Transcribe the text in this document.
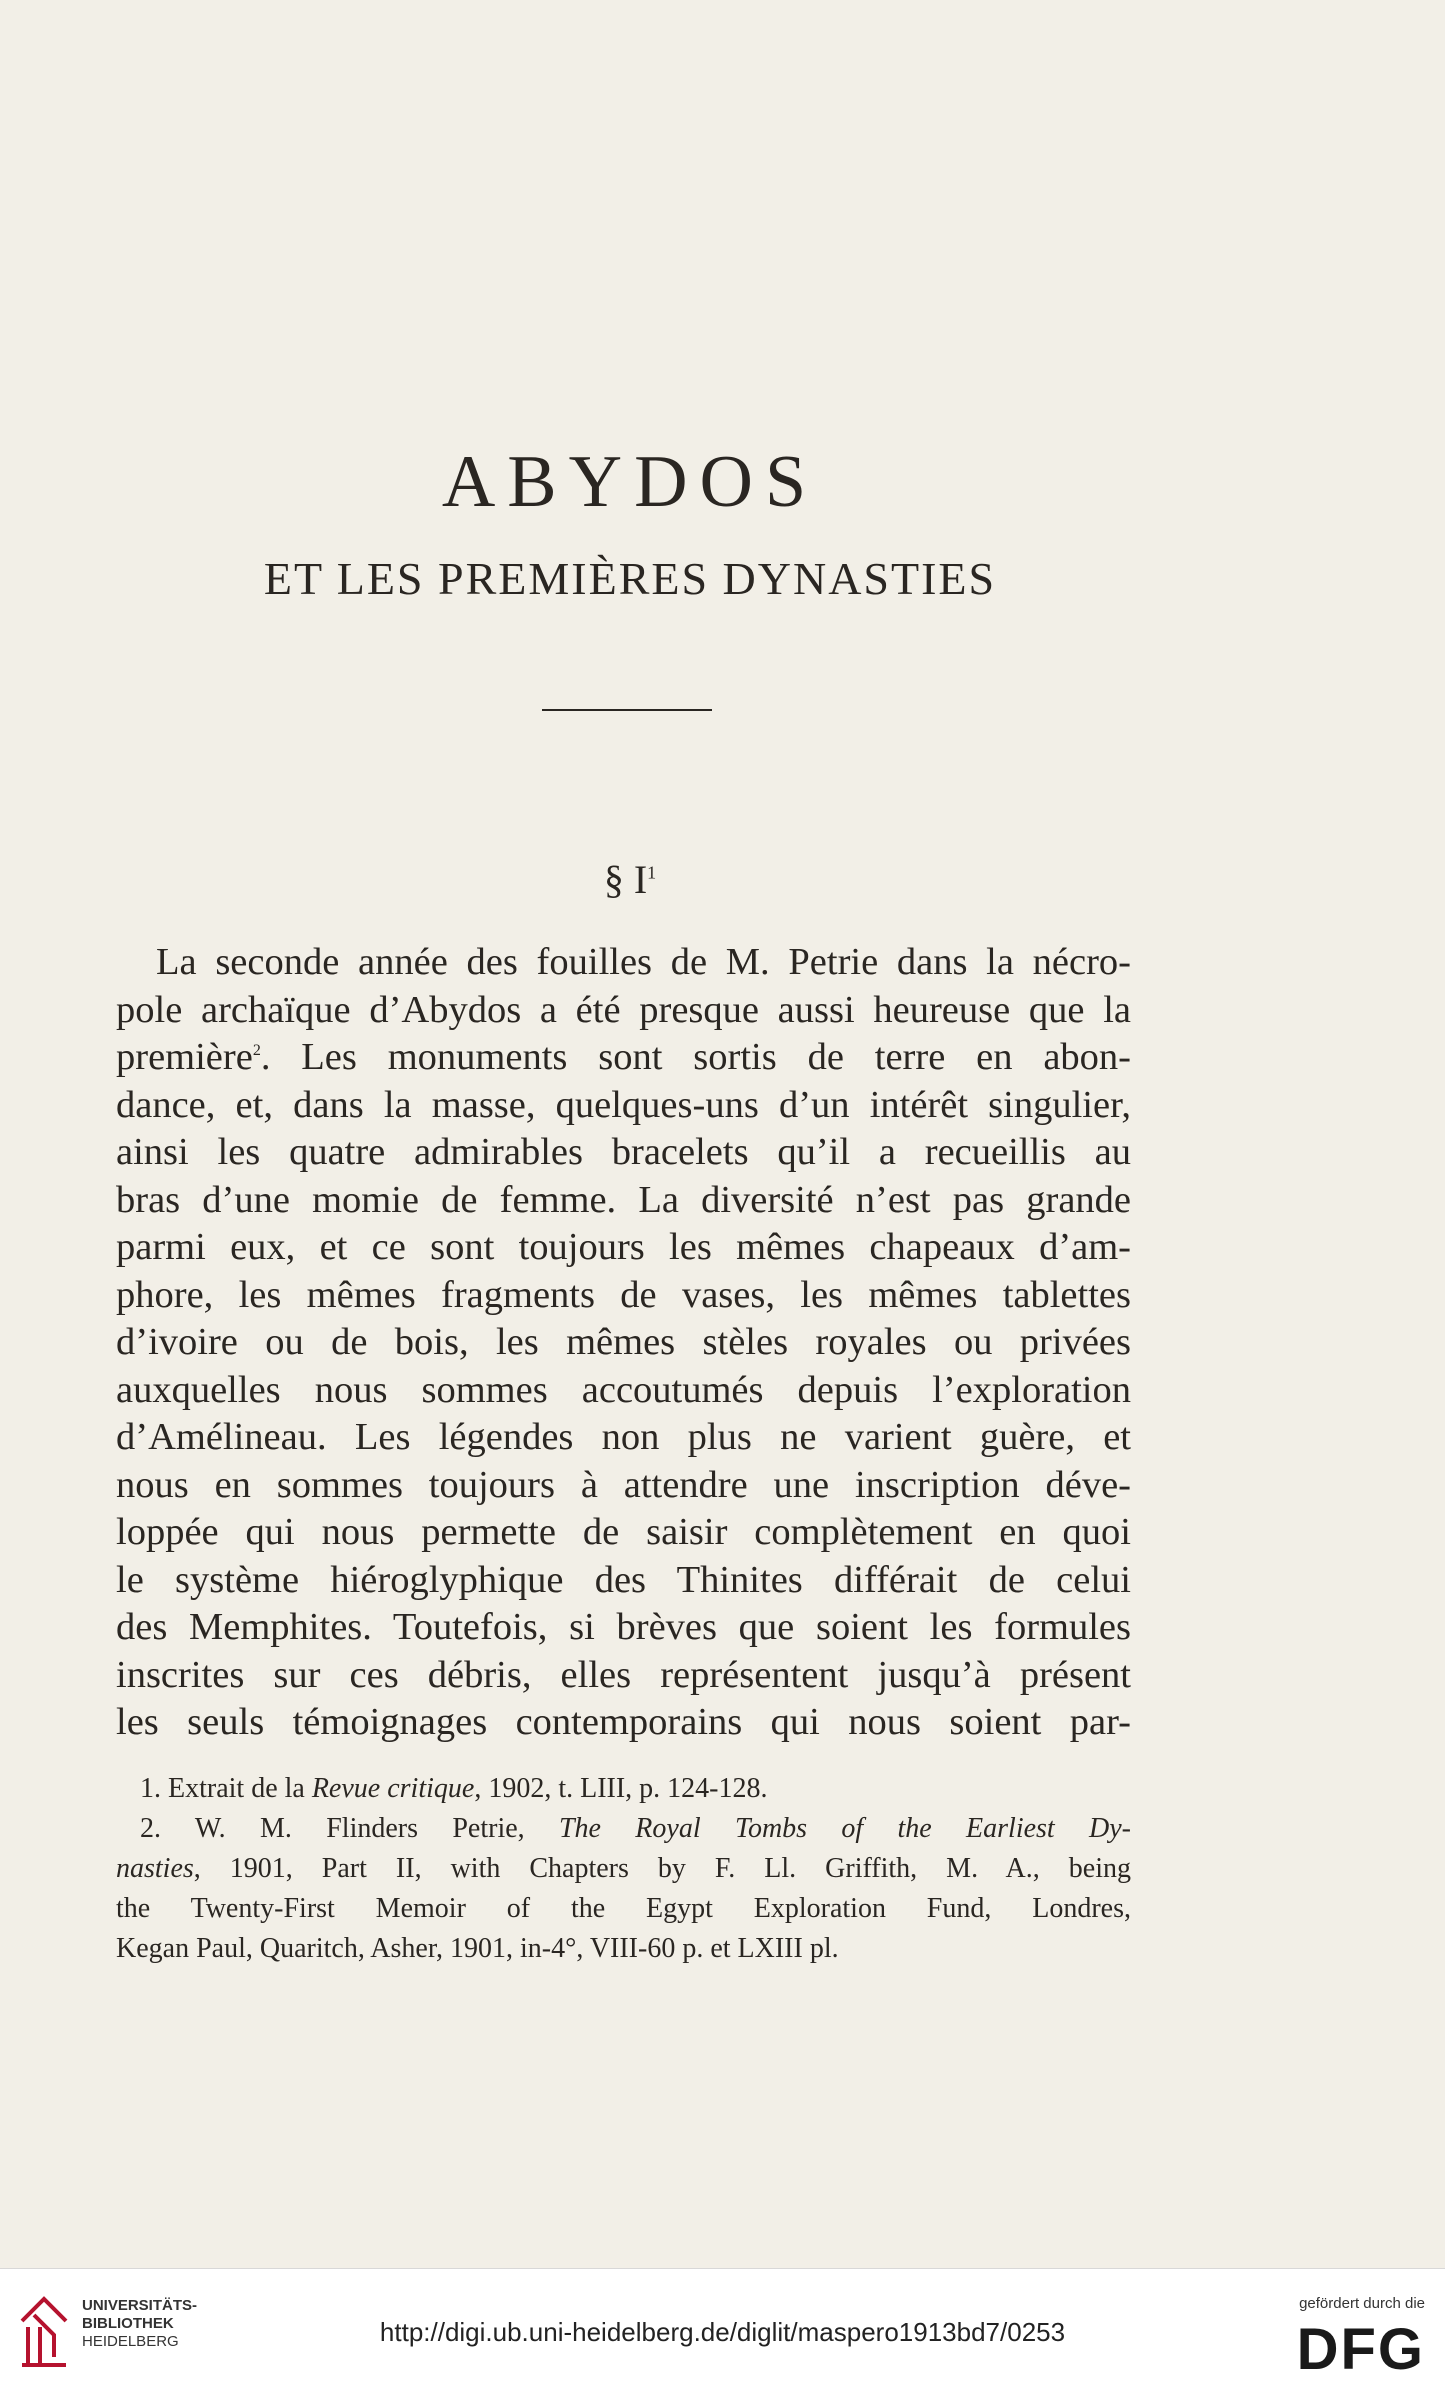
ABYDOS
ET LES PREMIÈRES DYNASTIES
§ $I^1$
La seconde année des fouilles de M. Petrie dans la nécro-
pole archaïque d’Abydos a été presque aussi heureuse que la
première$^2$. Les monuments sont sortis de terre en abon-
dance, et, dans la masse, quelques-uns d’un intérêt singulier,
ainsi les quatre admirables bracelets qu’il a recueillis au
bras d’une momie de femme. La diversité n’est pas grande
parmi eux, et ce sont toujours les mêmes chapeaux d’am-
phore, les mêmes fragments de vases, les mêmes tablettes
d’ivoire ou de bois, les mêmes stèles royales ou privées
auxquelles nous sommes accoutumés depuis l’exploration
d’Amélineau. Les légendes non plus ne varient guère, et
nous en sommes toujours à attendre une inscription déve-
loppée qui nous permette de saisir complètement en quoi
le système hiéroglyphique des Thinites différait de celui
des Memphites. Toutefois, si brèves que soient les formules
inscrites sur ces débris, elles représentent jusqu’à présent
les seuls témoignages contemporains qui nous soient par-
1. Extrait de la Revue critique, 1902, t. LIII, p. 124-128.
2. W. M. Flinders Petrie, The Royal Tombs of the Earliest Dy-
nasties, 1901, Part II, with Chapters by F. Ll. Griffith, M. A., being
the Twenty-First Memoir of the Egypt Exploration Fund, Londres,
Kegan Paul, Quaritch, Asher, 1901, in-4°, VIII-60 p. et LXIII pl.
UNIVERSITÄTS-
BIBLIOTHEK
HEIDELBERG	http://digi.ub.uni-heidelberg.de/diglit/maspero1913bd7/0253
gefördert durch die
DFG
